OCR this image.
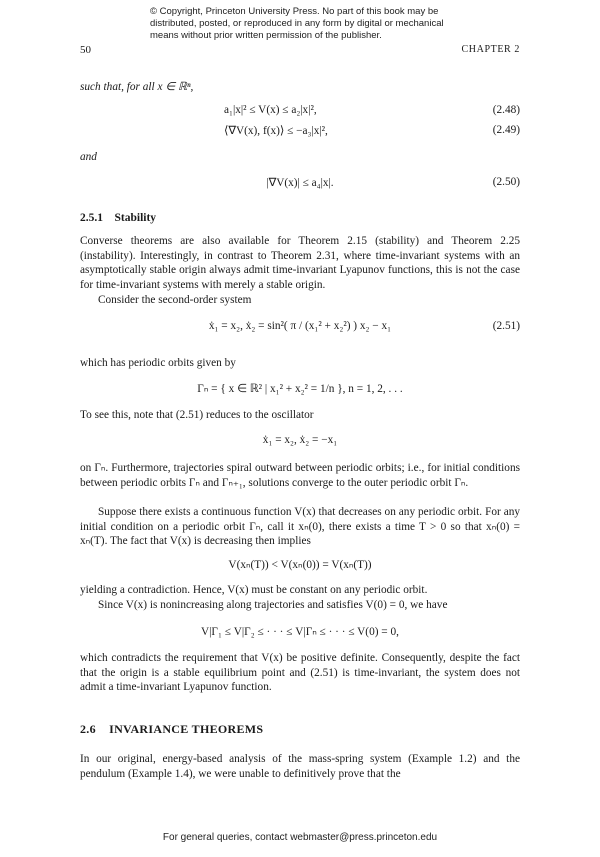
© Copyright, Princeton University Press. No part of this book may be
distributed, posted, or reproduced in any form by digital or mechanical
means without prior written permission of the publisher.
50	CHAPTER 2
such that, for all x ∈ ℝⁿ,
a₁|x|² ≤ V(x) ≤ a₂|x|²,	(2.48)
⟨∇V(x), f(x)⟩ ≤ −a₃|x|²,	(2.49)
and
|∇V(x)| ≤ a₄|x|.	(2.50)
2.5.1 Stability
Converse theorems are also available for Theorem 2.15 (stability) and Theorem 2.25 (instability). Interestingly, in contrast to Theorem 2.31, where time-invariant systems with an asymptotically stable origin always admit time-invariant Lyapunov functions, this is not the case for time-invariant systems with merely a stable origin.
Consider the second-order system
ẋ₁ = x₂, ẋ₂ = sin²( π / (x₁² + x₂²) ) x₂ − x₁	(2.51)
which has periodic orbits given by
Γₙ = { x ∈ ℝ² | x₁² + x₂² = 1/n }, n = 1, 2, . . .
To see this, note that (2.51) reduces to the oscillator
ẋ₁ = x₂, ẋ₂ = −x₁
on Γₙ. Furthermore, trajectories spiral outward between periodic orbits; i.e., for initial conditions between periodic orbits Γₙ and Γₙ₊₁, solutions converge to the outer periodic orbit Γₙ.
Suppose there exists a continuous function V(x) that decreases on any periodic orbit. For any initial condition on a periodic orbit Γₙ, call it xₙ(0), there exists a time T > 0 so that xₙ(0) = xₙ(T). The fact that V(x) is decreasing then implies
V(xₙ(T)) < V(xₙ(0)) = V(xₙ(T))
yielding a contradiction. Hence, V(x) must be constant on any periodic orbit.
Since V(x) is nonincreasing along trajectories and satisfies V(0) = 0, we have
V|Γ₁ ≤ V|Γ₂ ≤ · · · ≤ V|Γₙ ≤ · · · ≤ V(0) = 0,
which contradicts the requirement that V(x) be positive definite. Consequently, despite the fact that the origin is a stable equilibrium point and (2.51) is time-invariant, the system does not admit a time-invariant Lyapunov function.
2.6 INVARIANCE THEOREMS
In our original, energy-based analysis of the mass-spring system (Example 1.2) and the pendulum (Example 1.4), we were unable to definitively prove that the
For general queries, contact webmaster@press.princeton.edu
